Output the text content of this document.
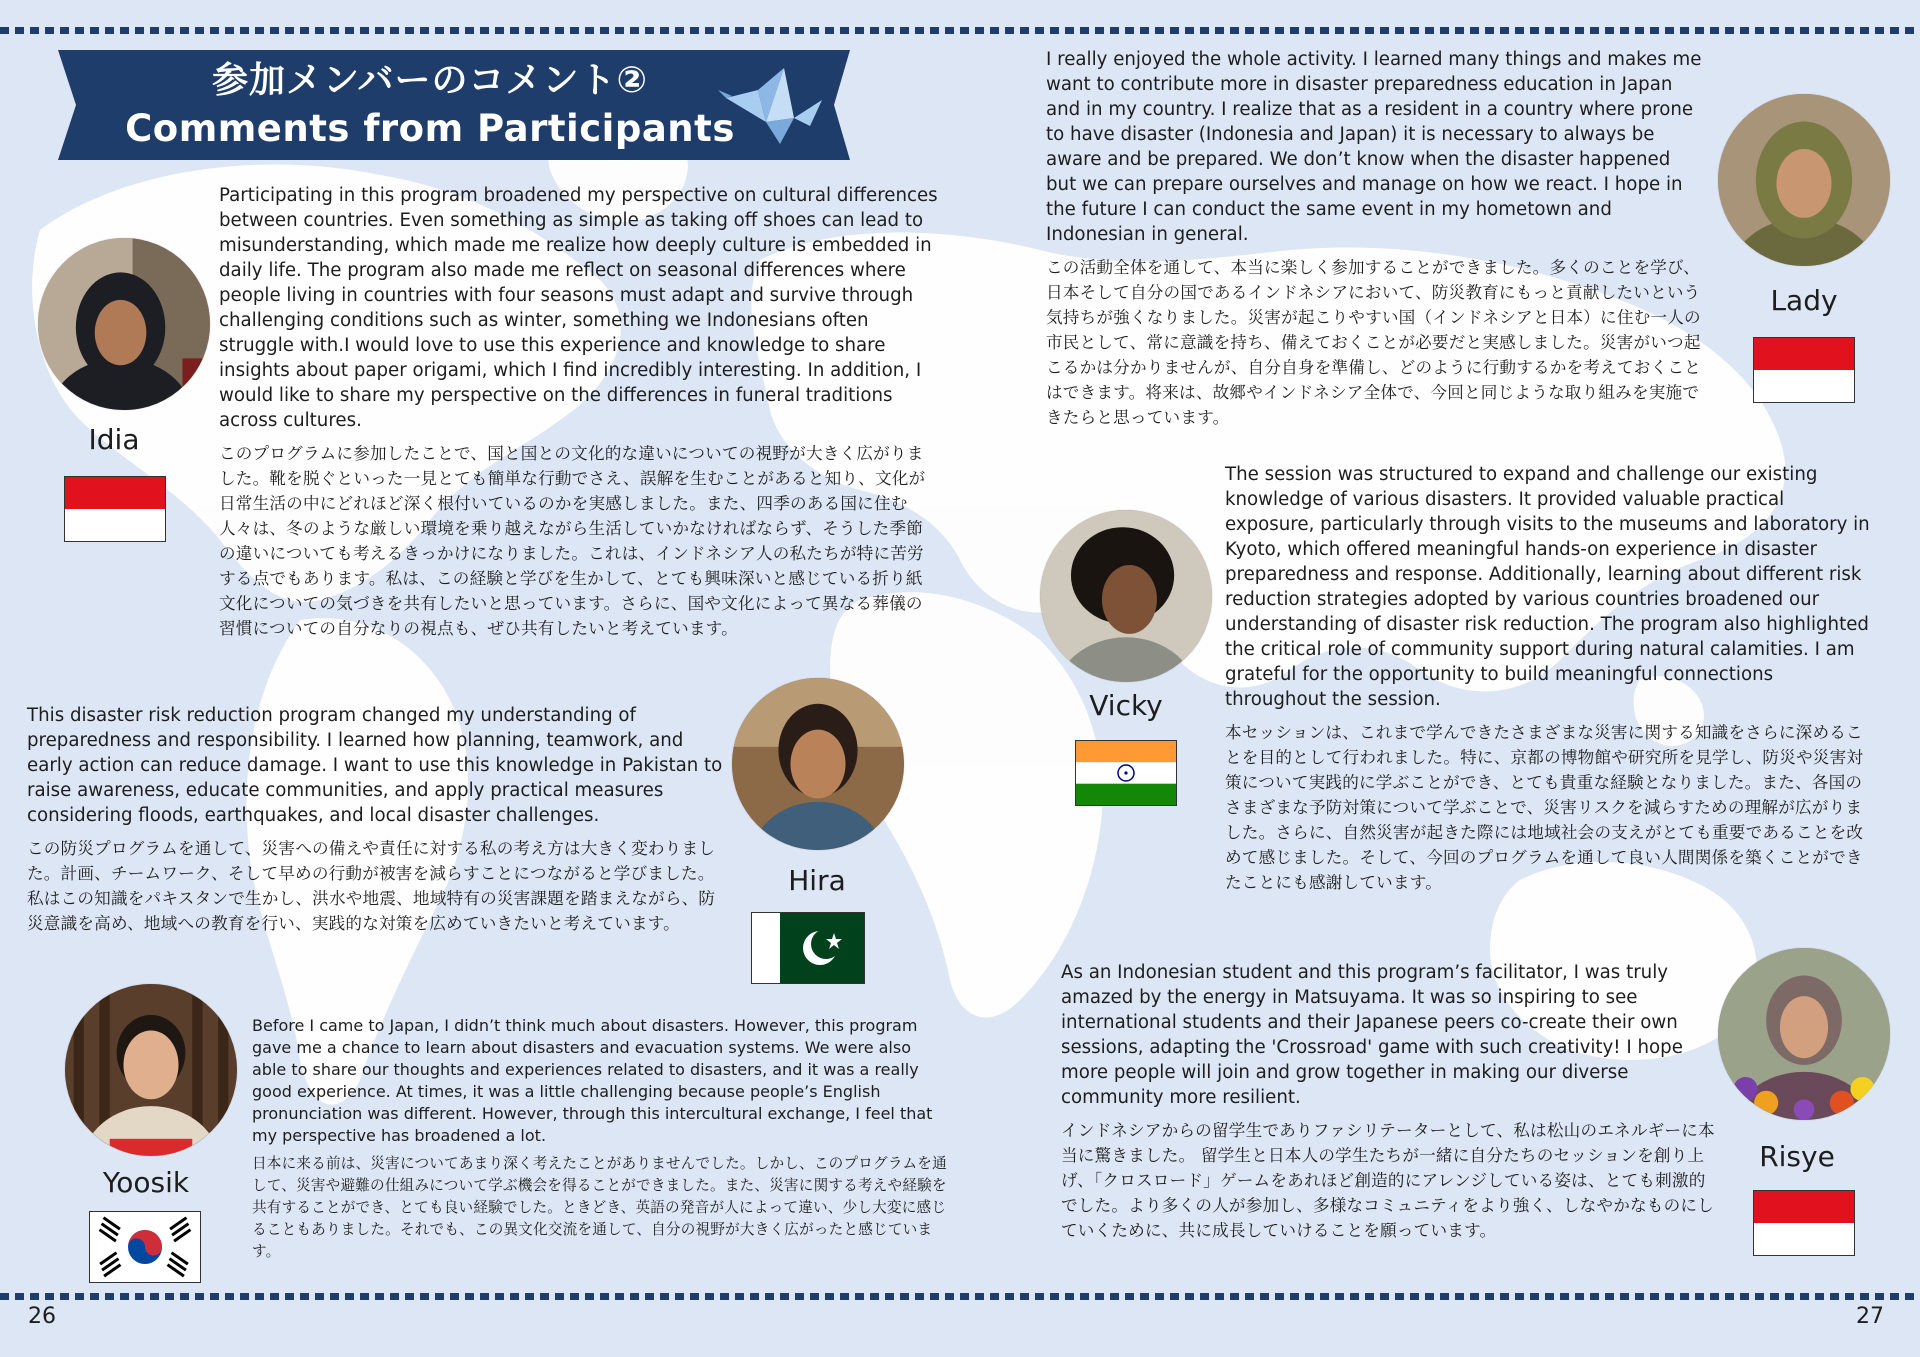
参加メンバーのコメント②
Comments from Participants
Idia

Participating in this program broadened my perspective on cultural differences between countries. Even something as simple as taking off shoes can lead to misunderstanding, which made me realize how deeply culture is embedded in daily life. The program also made me reflect on seasonal differences where people living in countries with four seasons must adapt and survive through challenging conditions such as winter, something we Indonesians often struggle with.I would love to use this experience and knowledge to share insights about paper origami, which I find incredibly interesting. In addition, I would like to share my perspective on the differences in funeral traditions across cultures.

このプログラムに参加したことで、国と国との文化的な違いについての視野が大きく広がりました。靴を脱ぐといった一見とても簡単な行動でさえ、誤解を生むことがあると知り、文化が日常生活の中にどれほど深く根付いているのかを実感しました。また、四季のある国に住む人々は、冬のような厳しい環境を乗り越えながら生活していかなければならず、そうした季節の違いについても考えるきっかけになりました。これは、インドネシア人の私たちが特に苦労する点でもあります。私は、この経験と学びを生かして、とても興味深いと感じている折り紙文化についての気づきを共有したいと思っています。さらに、国や文化によって異なる葬儀の習慣についての自分なりの視点も、ぜひ共有したいと考えています。

This disaster risk reduction program changed my understanding of preparedness and responsibility. I learned how planning, teamwork, and early action can reduce damage. I want to use this knowledge in Pakistan to raise awareness, educate communities, and apply practical measures considering floods, earthquakes, and local disaster challenges.

この防災プログラムを通して、災害への備えや責任に対する私の考え方は大きく変わりました。計画、チームワーク、そして早めの行動が被害を減らすことにつながると学びました。私はこの知識をパキスタンで生かし、洪水や地震、地域特有の災害課題を踏まえながら、防災意識を高め、地域への教育を行い、実践的な対策を広めていきたいと考えています。

Hira
Yoosik

Before I came to Japan, I didn’t think much about disasters. However, this program gave me a chance to learn about disasters and evacuation systems. We were also able to share our thoughts and experiences related to disasters, and it was a really good experience. At times, it was a little challenging because people’s English pronunciation was different. However, through this intercultural exchange, I feel that my perspective has broadened a lot.

日本に来る前は、災害についてあまり深く考えたことがありませんでした。しかし、このプログラムを通して、災害や避難の仕組みについて学ぶ機会を得ることができました。また、災害に関する考えや経験を共有することができ、とても良い経験でした。ときどき、英語の発音が人によって違い、少し大変に感じることもありました。それでも、この異文化交流を通して、自分の視野が大きく広がったと感じています。

I really enjoyed the whole activity. I learned many things and makes me want to contribute more in disaster preparedness education in Japan and in my country. I realize that as a resident in a country where prone to have disaster (Indonesia and Japan) it is necessary to always be aware and be prepared. We don’t know when the disaster happened but we can prepare ourselves and manage on how we react. I hope in the future I can conduct the same event in my hometown and Indonesian in general.

この活動全体を通して、本当に楽しく参加することができました。多くのことを学び、日本そして自分の国であるインドネシアにおいて、防災教育にもっと貢献したいという気持ちが強くなりました。災害が起こりやすい国（インドネシアと日本）に住む一人の市民として、常に意識を持ち、備えておくことが必要だと実感しました。災害がいつ起こるかは分かりませんが、自分自身を準備し、どのように行動するかを考えておくことはできます。将来は、故郷やインドネシア全体で、今回と同じような取り組みを実施できたらと思っています。

Lady
Vicky

The session was structured to expand and challenge our existing knowledge of various disasters. It provided valuable practical exposure, particularly through visits to the museums and laboratory in Kyoto, which offered meaningful hands-on experience in disaster preparedness and response. Additionally, learning about different risk reduction strategies adopted by various countries broadened our understanding of disaster risk reduction. The program also highlighted the critical role of community support during natural calamities. I am grateful for the opportunity to build meaningful connections throughout the session.

本セッションは、これまで学んできたさまざまな災害に関する知識をさらに深めることを目的として行われました。特に、京都の博物館や研究所を見学し、防災や災害対策について実践的に学ぶことができ、とても貴重な経験となりました。また、各国のさまざまな予防対策について学ぶことで、災害リスクを減らすための理解が広がりました。さらに、自然災害が起きた際には地域社会の支えがとても重要であることを改めて感じました。そして、今回のプログラムを通して良い人間関係を築くことができたことにも感謝しています。

As an Indonesian student and this program’s facilitator, I was truly amazed by the energy in Matsuyama. It was so inspiring to see international students and their Japanese peers co-create their own sessions, adapting the 'Crossroad' game with such creativity! I hope more people will join and grow together in making our diverse community more resilient.

インドネシアからの留学生でありファシリテーターとして、私は松山のエネルギーに本当に驚きました。 留学生と日本人の学生たちが一緒に自分たちのセッションを創り上げ、「クロスロード」ゲームをあれほど創造的にアレンジしている姿は、とても刺激的でした。より多くの人が参加し、多様なコミュニティをより強く、しなやかなものにしていくために、共に成長していけることを願っています。

Risye
26	27
